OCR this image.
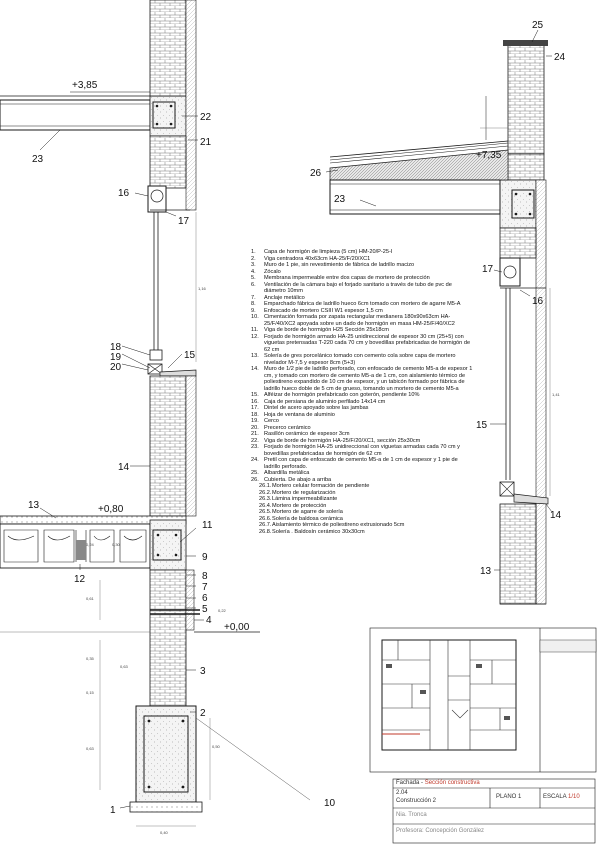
22
21
23
16
17
18
19
20
15
14
13
11
12
9
8
7
6
5
4
3
2
10
1
25
24
26
23
17
16
15
14
13
+3,85
+7,35
+0,80
+0,00
1,16
1,41
0,24	0,30
0,61
0,22
0,35
0,15
0,63
0,63
0,50
0,40
1.	Capa de hormigón de limpieza (5 cm) HM-20/P-25-I
2.	Viga centradora 40x63cm HA-25/F/20/XC1
3.	Muro de 1 pie, sin revestimiento de fábrica de ladrillo macizo
4.	Zócalo
5.	Membrana impermeable entre dos capas de mortero de protección
6.	Ventilación de la cámara bajo el forjado sanitario a través de tubo de pvc de diámetro 10mm
7.	Anclaje metálico
8.	Emparchado fábrica de ladrillo hueco 6cm tomado con mortero de agarre M5-A
9.	Enfoscado de mortero CSIII W1 espesor 1,5 cm
10. Cimentación formada por zapata rectangular medianera 180x90x63cm HA-25/F/40/XC2 apoyada sobre un dado de hormigón en masa HM-25/F/40/XC2
11.	Viga de borde de hormigón H25 Sección 25x18cm
12. Forjado de hormigón armado HA-25 unidireccional de espesor 30 cm (25+5) con viguetas pretensadas T-220 cada 70 cm y bovedillas prefabricadas de hormigón de 62 cm
13. Solería de gres porcelánico tomado con cemento cola sobre capa de mortero nivelador M-7,5 y espesor 8cm (5+3)
14. Muro de 1/2 pie de ladrillo perforado, con enfoscado de cemento M5-a de espesor 1 cm, y tomado con mortero de cemento M5-a de 1 cm, con aislamiento térmico de poliestireno expandido de 10 cm de espesor, y un tabicón formado por fábrica de ladrillo hueco doble de 5 cm de grueso, tomando un mortero de cemento M5-a
15. Alféizar de hormigón prefabricado con goterón, pendiente 10%
16. Caja de persiana de aluminio perfilado 14x14 cm
17. Dintel de acero apoyado sobre las jambas
18. Hoja de ventana de aluminio
19. Cerco
20. Precerco cerámico
21. Rasillón cerámico de espesor 3cm
22. Viga de borde de hormigón HA-25/F/20/XC1, sección 25x30cm
23. Forjado de hormigón HA-25 unidireccional con viguetas armadas cada 70 cm y bovedillas prefabricadas de hormigón de 62 cm
24. Pretil con capa de enfoscado de cemento M5-a de 1 cm de espesor y 1 pie de ladrillo perforado.
25. Albardilla metálica
26. Cubierta. De abajo a arriba
26.1. Mortero celular formación de pendiente
26.2. Mortero de regularización
26.3. Lámina impermeabilizante
26.4. Mortero de protección
26.5. Mortero de agarre de solería
26.6. Solería de baldosa cerámica
26.7. Aislamiento térmico de poliestireno extrusionado 5cm
26.8. Solería . Baldosín cerámico 30x30cm
Fachada - Sección constructiva
2.04
Construcción 2
PLANO 1	ESCALA 1/10
Nia. Tronca
Profesora: Concepción González
